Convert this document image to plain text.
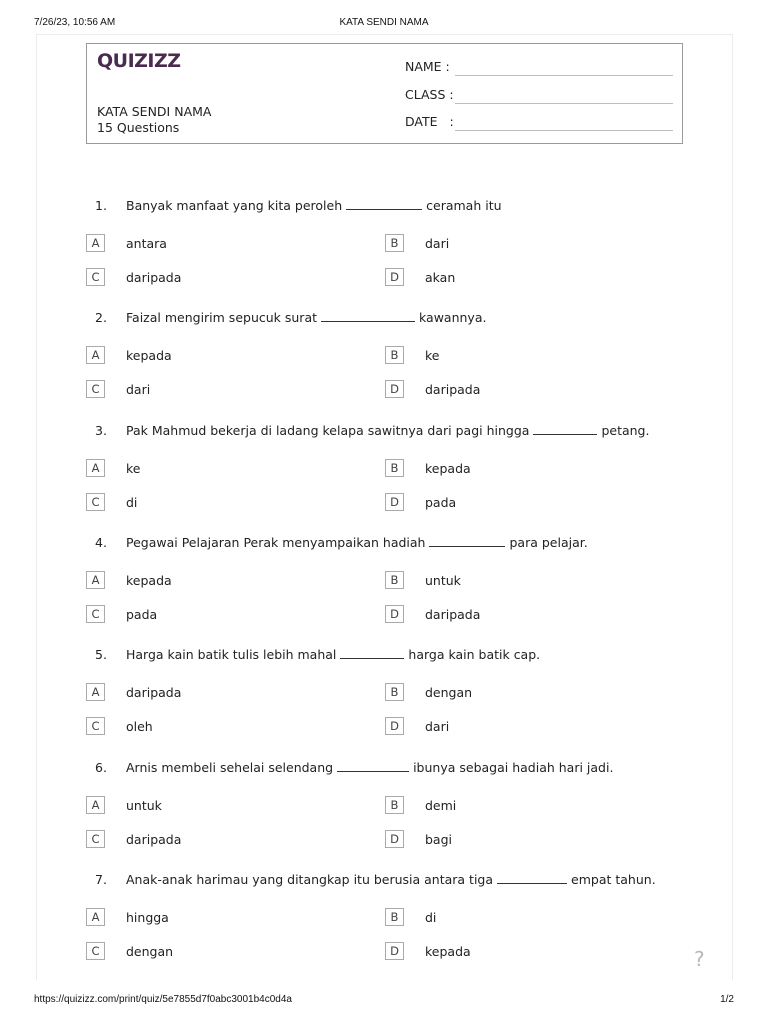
7/26/23, 10:56 AM	KATA SENDI NAMA
QUIZIZZ
KATA SENDI NAMA
15 Questions
NAME :
CLASS :
DATE   :
1. Banyak manfaat yang kita peroleh	ceramah itu
A	antara	B	dari
C	daripada	D	akan
2. Faizal mengirim sepucuk surat	kawannya.
A	kepada	B	ke
C	dari	D	daripada
3. Pak Mahmud bekerja di ladang kelapa sawitnya dari pagi hingga	petang.
A	ke	B	kepada
C	di	D	pada
4. Pegawai Pelajaran Perak menyampaikan hadiah	para pelajar.
A	kepada	B	untuk
C	pada	D	daripada
5. Harga kain batik tulis lebih mahal	harga kain batik cap.
A	daripada	B	dengan
C	oleh	D	dari
6. Arnis membeli sehelai selendang	ibunya sebagai hadiah hari jadi.
A	untuk	B	demi
C	daripada	D	bagi
7. Anak-anak harimau yang ditangkap itu berusia antara tiga	empat tahun.
A	hingga	B	di
C	dengan	D	kepada	?
https://quizizz.com/print/quiz/5e7855d7f0abc3001b4c0d4a	1/2
